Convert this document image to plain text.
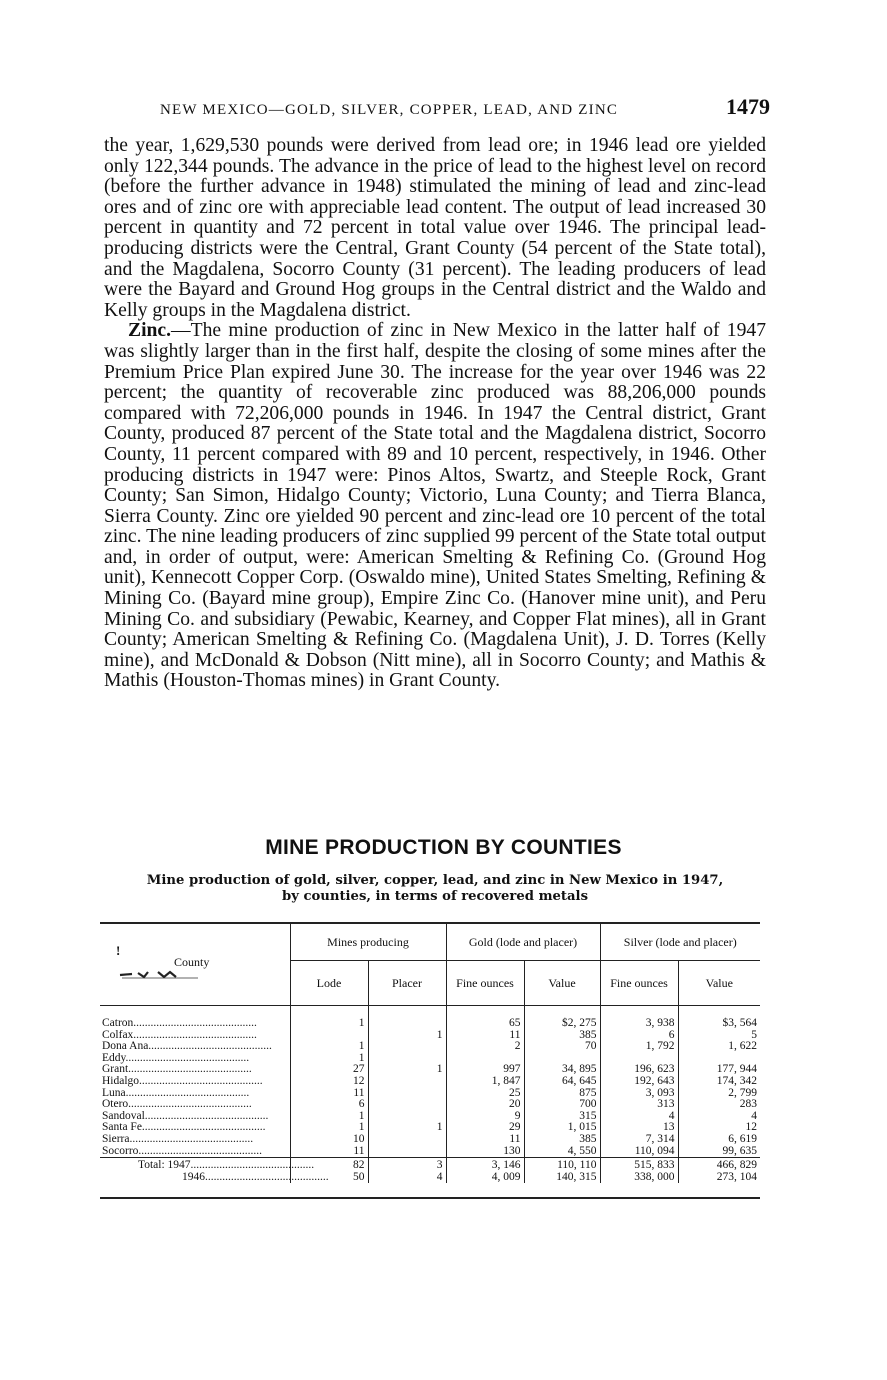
NEW MEXICO—GOLD, SILVER, COPPER, LEAD, AND ZINC	1479

the year, 1,629,530 pounds were derived from lead ore; in 1946 lead ore yielded only 122,344 pounds. The advance in the price of lead to the highest level on record (before the further advance in 1948) stimulated the mining of lead and zinc-lead ores and of zinc ore with appreciable lead content. The output of lead increased 30 percent in quantity and 72 percent in total value over 1946. The principal lead-producing districts were the Central, Grant County (54 percent of the State total), and the Magdalena, Socorro County (31 percent). The leading producers of lead were the Bayard and Ground Hog groups in the Central district and the Waldo and Kelly groups in the Magdalena district.

Zinc.—The mine production of zinc in New Mexico in the latter half of 1947 was slightly larger than in the first half, despite the closing of some mines after the Premium Price Plan expired June 30. The increase for the year over 1946 was 22 percent; the quantity of recoverable zinc produced was 88,206,000 pounds compared with 72,206,000 pounds in 1946. In 1947 the Central district, Grant County, produced 87 percent of the State total and the Magdalena district, Socorro County, 11 percent compared with 89 and 10 percent, respectively, in 1946. Other producing districts in 1947 were: Pinos Altos, Swartz, and Steeple Rock, Grant County; San Simon, Hidalgo County; Victorio, Luna County; and Tierra Blanca, Sierra County. Zinc ore yielded 90 percent and zinc-lead ore 10 percent of the total zinc. The nine leading producers of zinc supplied 99 percent of the State total output and, in order of output, were: American Smelting & Refining Co. (Ground Hog unit), Kennecott Copper Corp. (Oswaldo mine), United States Smelting, Refining & Mining Co. (Bayard mine group), Empire Zinc Co. (Hanover mine unit), and Peru Mining Co. and subsidiary (Pewabic, Kearney, and Copper Flat mines), all in Grant County; American Smelting & Refining Co. (Magdalena Unit), J. D. Torres (Kelly mine), and McDonald & Dobson (Nitt mine), all in Socorro County; and Mathis & Mathis (Houston-Thomas mines) in Grant County.

MINE PRODUCTION BY COUNTIES
Mine production of gold, silver, copper, lead, and zinc in New Mexico in 1947,
by counties, in terms of recovered metals
!
County	Mines producing		Gold (lode and placer)		Silver (lode and placer)	
	Lode	Placer	Fine ounces	Value	Fine ounces	Value

Catron...........................................	1		65	$2, 275	3, 938	$3, 564
Colfax...........................................		1	11	385	6	5
Dona Ana...........................................	1		2	70	1, 792	1, 622
Eddy...........................................	1					
Grant...........................................	27	1	997	34, 895	196, 623	177, 944
Hidalgo...........................................	12		1, 847	64, 645	192, 643	174, 342
Luna...........................................	11		25	875	3, 093	2, 799
Otero...........................................	6		20	700	313	283
Sandoval...........................................	1		9	315	4	4
Santa Fe...........................................	1	1	29	1, 015	13	12
Sierra...........................................	10		11	385	7, 314	6, 619
Socorro...........................................	11		130	4, 550	110, 094	99, 635
Total: 1947...........................................	82	3	3, 146	110, 110	515, 833	466, 829
1946...........................................	50	4	4, 009	140, 315	338, 000	273, 104
